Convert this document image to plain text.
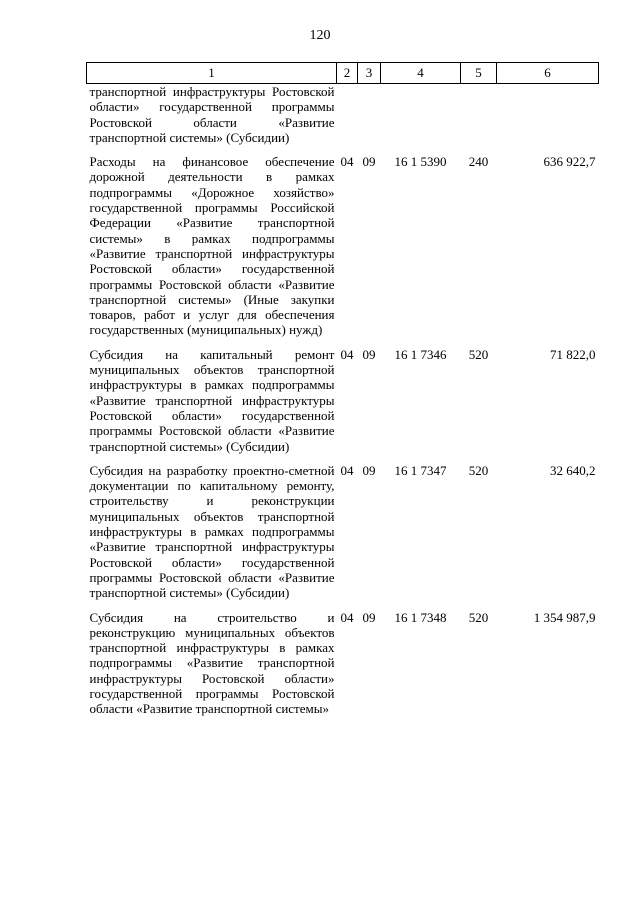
120
1	2	3	4	5	6
транспортной инфраструктуры Ростовской области» государственной программы Ростовской области «Развитие транспортной системы» (Субсидии)					

Расходы на финансовое обеспечение дорожной деятельности в рамках подпрограммы «Дорожное хозяйство» государственной программы Российской Федерации «Развитие транспортной системы» в рамках подпрограммы «Развитие транспортной инфраструктуры Ростовской области» государственной программы Ростовской области «Развитие транспортной системы» (Иные закупки товаров, работ и услуг для обеспечения государственных (муниципальных) нужд)	04	09	16 1 5390	240	636 922,7

Субсидия на капитальный ремонт муниципальных объектов транспортной инфраструктуры в рамках подпрограммы «Развитие транспортной инфраструктуры Ростовской области» государственной программы Ростовской области «Развитие транспортной системы» (Субсидии)	04	09	16 1 7346	520	71 822,0

Субсидия на разработку проектно-сметной документации по капитальному ремонту, строительству и реконструкции муниципальных объектов транспортной инфраструктуры в рамках подпрограммы «Развитие транспортной инфраструктуры Ростовской области» государственной программы Ростовской области «Развитие транспортной системы» (Субсидии)	04	09	16 1 7347	520	32 640,2

Субсидия на строительство и реконструкцию муниципальных объектов транспортной инфраструктуры в рамках подпрограммы «Развитие транспортной инфраструктуры Ростовской области» государственной программы Ростовской области «Развитие транспортной системы»	04	09	16 1 7348	520	1 354 987,9
